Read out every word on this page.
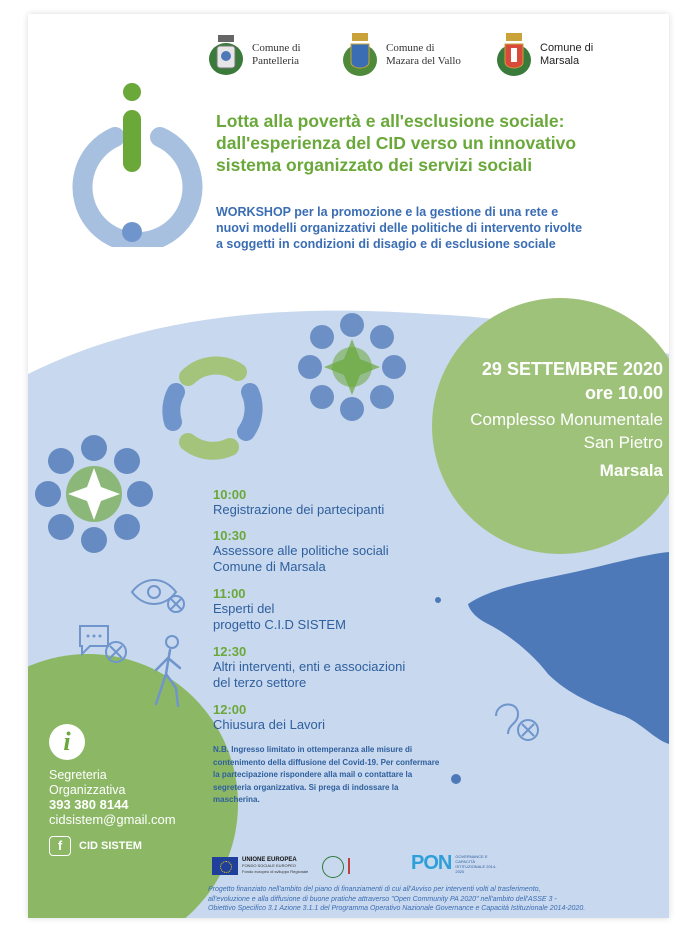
Comune di
Pantelleria
Comune di
Mazara del Vallo
Comune di
Marsala
Lotta alla povertà e all'esclusione sociale:
dall'esperienza del CID verso un innovativo
sistema organizzato dei servizi sociali
WORKSHOP per la promozione e la gestione di una rete e
nuovi modelli organizzativi delle politiche di intervento rivolte
a soggetti in condizioni di disagio e di esclusione sociale
29 SETTEMBRE 2020
ore 10.00
Complesso Monumentale
San Pietro
Marsala
10:00
Registrazione dei partecipanti
10:30
Assessore alle politiche sociali
Comune di Marsala
11:00
Esperti del
progetto C.I.D SISTEM
12:30
Altri interventi, enti e associazioni
del terzo settore
12:00
Chiusura dei Lavori
N.B. Ingresso limitato in ottemperanza alle misure di
contenimento della diffusione del Covid-19. Per confermare
la partecipazione rispondere alla mail o contattare la
segreteria organizzativa. Si prega di indossare la
mascherina.
i
Segreteria
Organizzativa
393 380 8144
cidsistem@gmail.com
f	CID SISTEM
UNIONE EUROPEA
FONDO SOCIALE EUROPEO
Fondo europeo di sviluppo Regionale	PON GOVERNANCE E CAPACITÀ ISTITUZIONALE 2014-2020
Progetto finanziato nell'ambito del piano di finanziamenti di cui all'Avviso per interventi volti al trasferimento,
all'evoluzione e alla diffusione di buone pratiche attraverso "Open Community PA 2020" nell'ambito dell'ASSE 3 -
Obiettivo Specifico 3.1 Azione 3.1.1 del Programma Operativo Nazionale Governance e Capacità Istituzionale 2014-2020.
